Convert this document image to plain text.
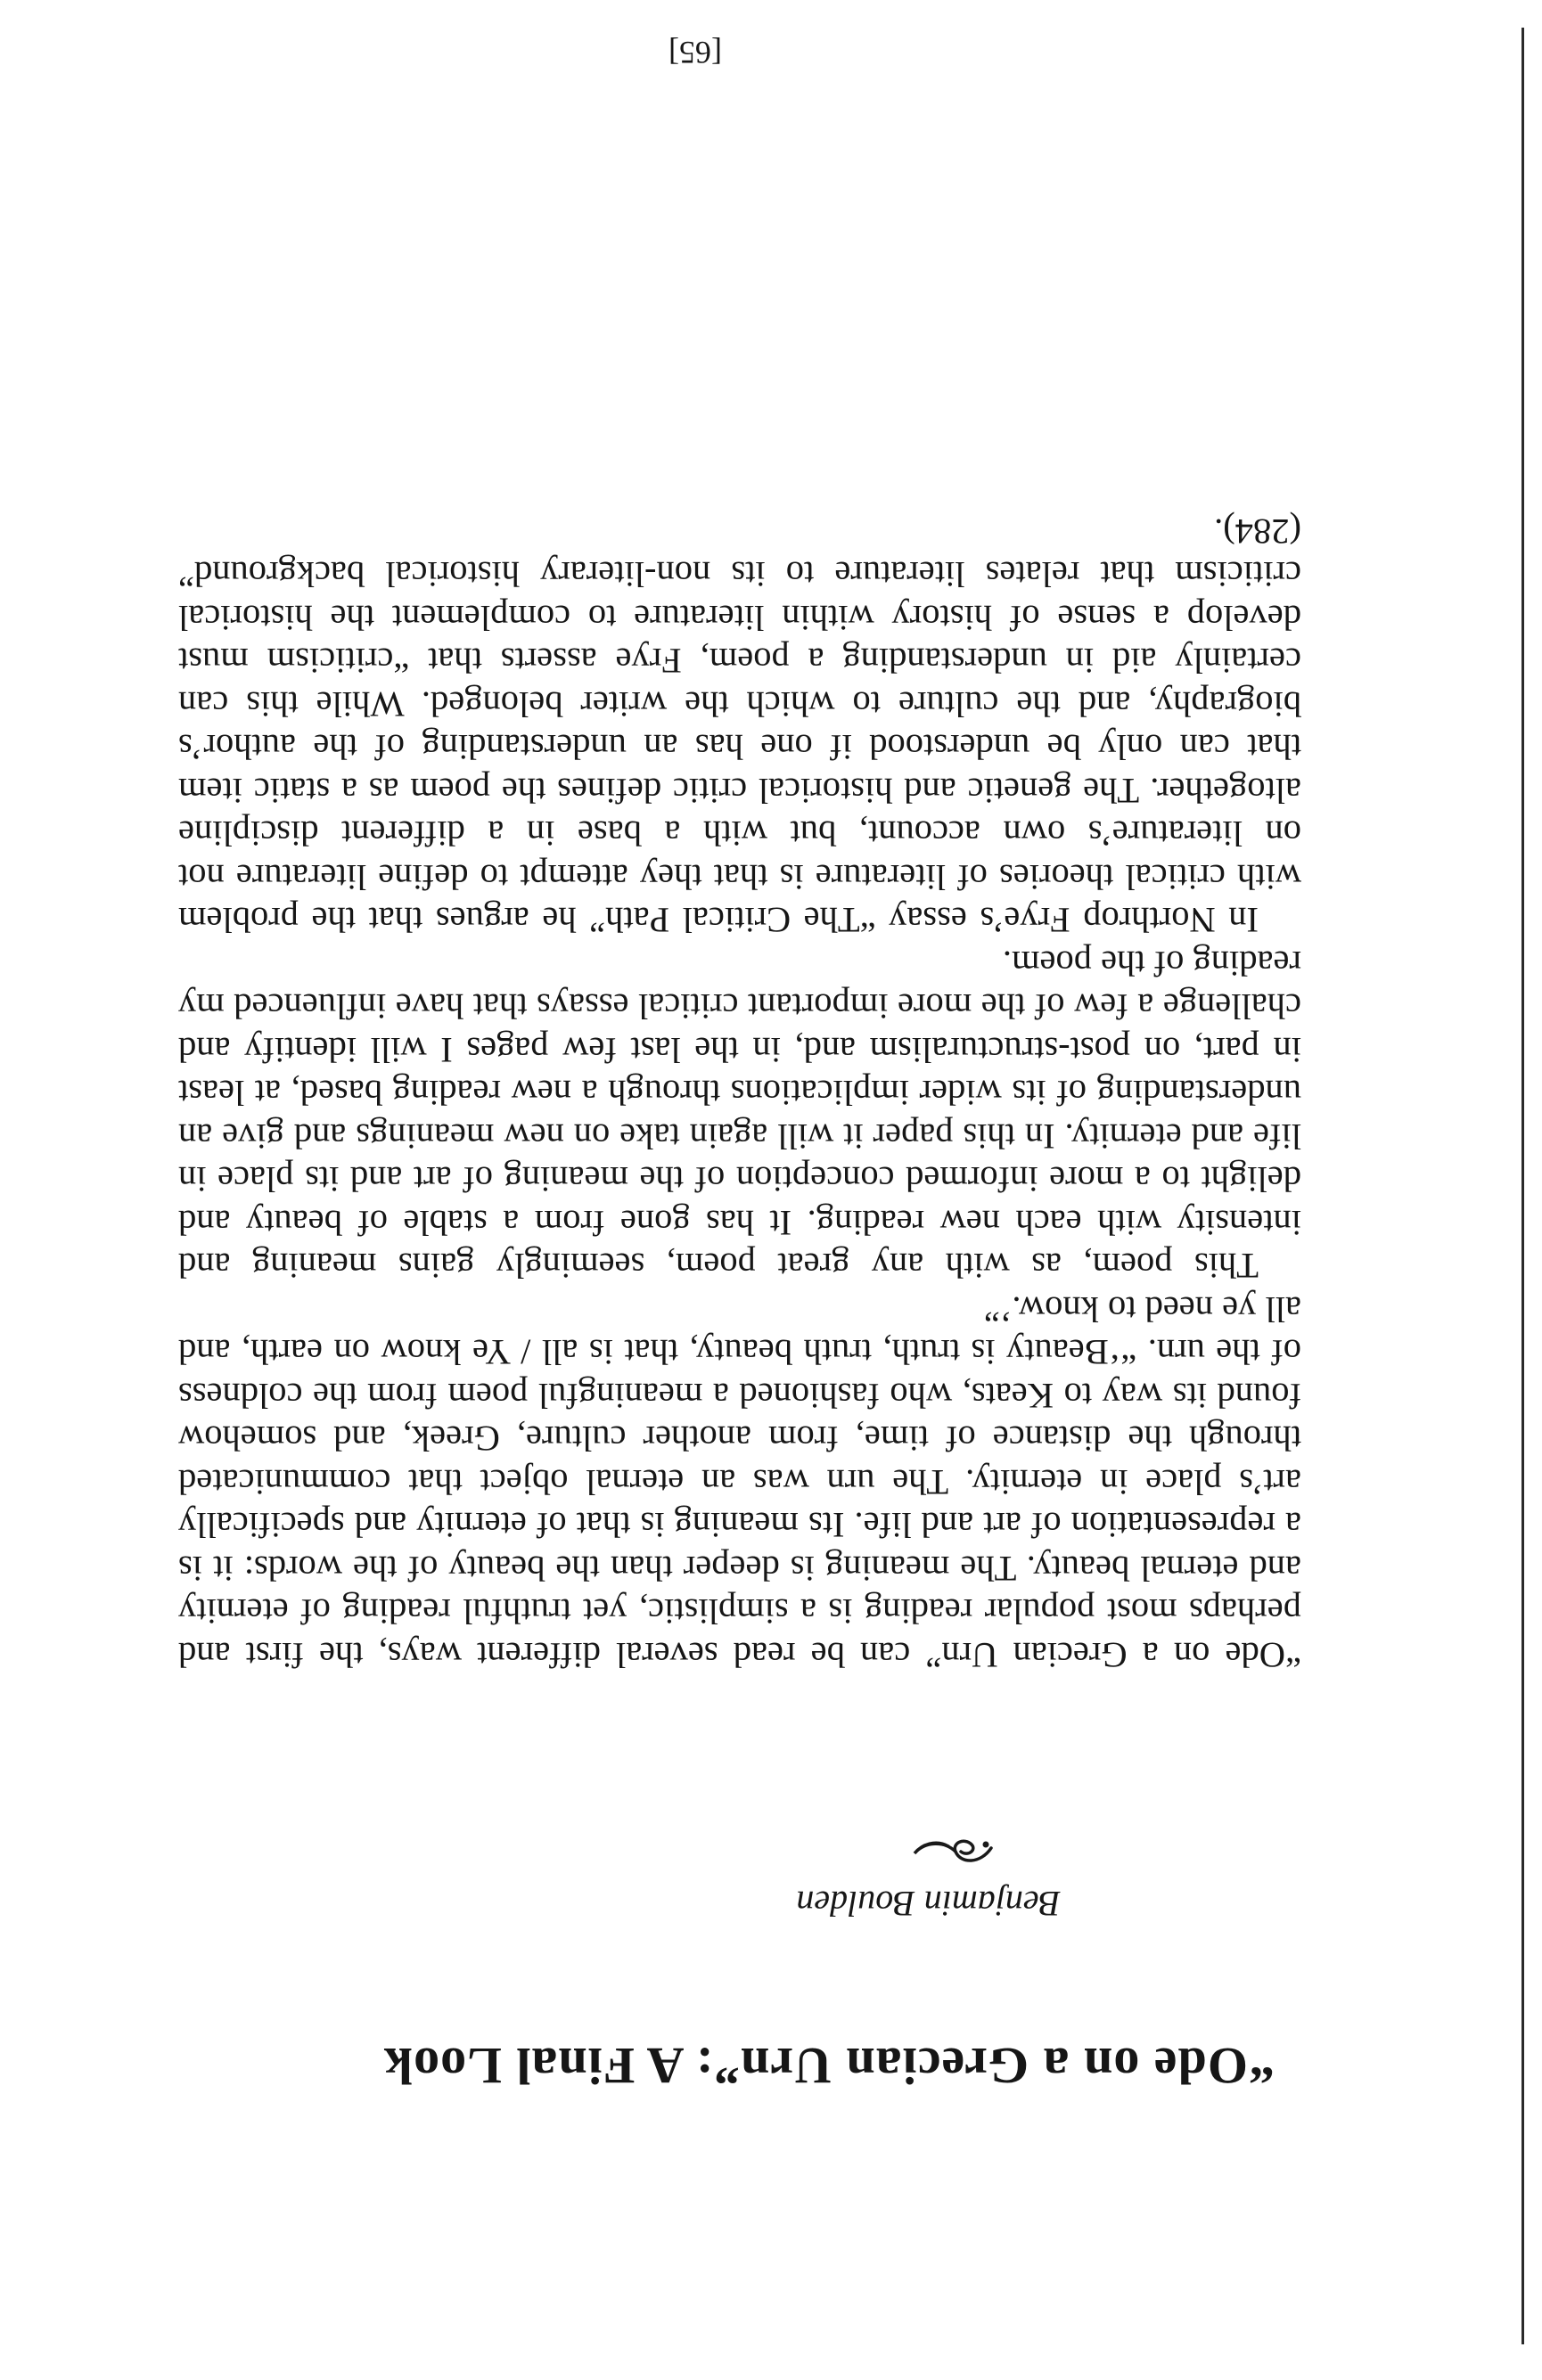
“Ode on a Grecian Urn”: A Final Look
Benjamin Boulden

“Ode on a Grecian Urn” can be read several different ways, the first and perhaps most popular reading is a simplistic, yet truthful reading of eternity and eternal beauty. The meaning is deeper than the beauty of the words: it is a representation of art and life. Its meaning is that of eternity and specifically art’s place in eternity. The urn was an eternal object that communicated through the distance of time, from another culture, Greek, and somehow found its way to Keats, who fashioned a meaningful poem from the coldness of the urn. “‘Beauty is truth, truth beauty, that is all / Ye know on earth, and all ye need to know.’”

This poem, as with any great poem, seemingly gains meaning and intensity with each new reading. It has gone from a stable of beauty and delight to a more informed conception of the meaning of art and its place in life and eternity. In this paper it will again take on new meanings and give an understanding of its wider implications through a new reading based, at least in part, on post-structuralism and, in the last few pages I will identify and challenge a few of the more important critical essays that have influenced my reading of the poem.

In Northrop Frye’s essay “The Critical Path” he argues that the problem with critical theories of literature is that they attempt to define literature not on literature’s own account, but with a base in a different discipline altogether. The genetic and historical critic defines the poem as a static item that can only be understood if one has an understanding of the author’s biography, and the culture to which the writer belonged. While this can certainly aid in understanding a poem, Frye asserts that “criticism must develop a sense of history within literature to complement the historical criticism that relates literature to its non-literary historical background” (284).

[65]
